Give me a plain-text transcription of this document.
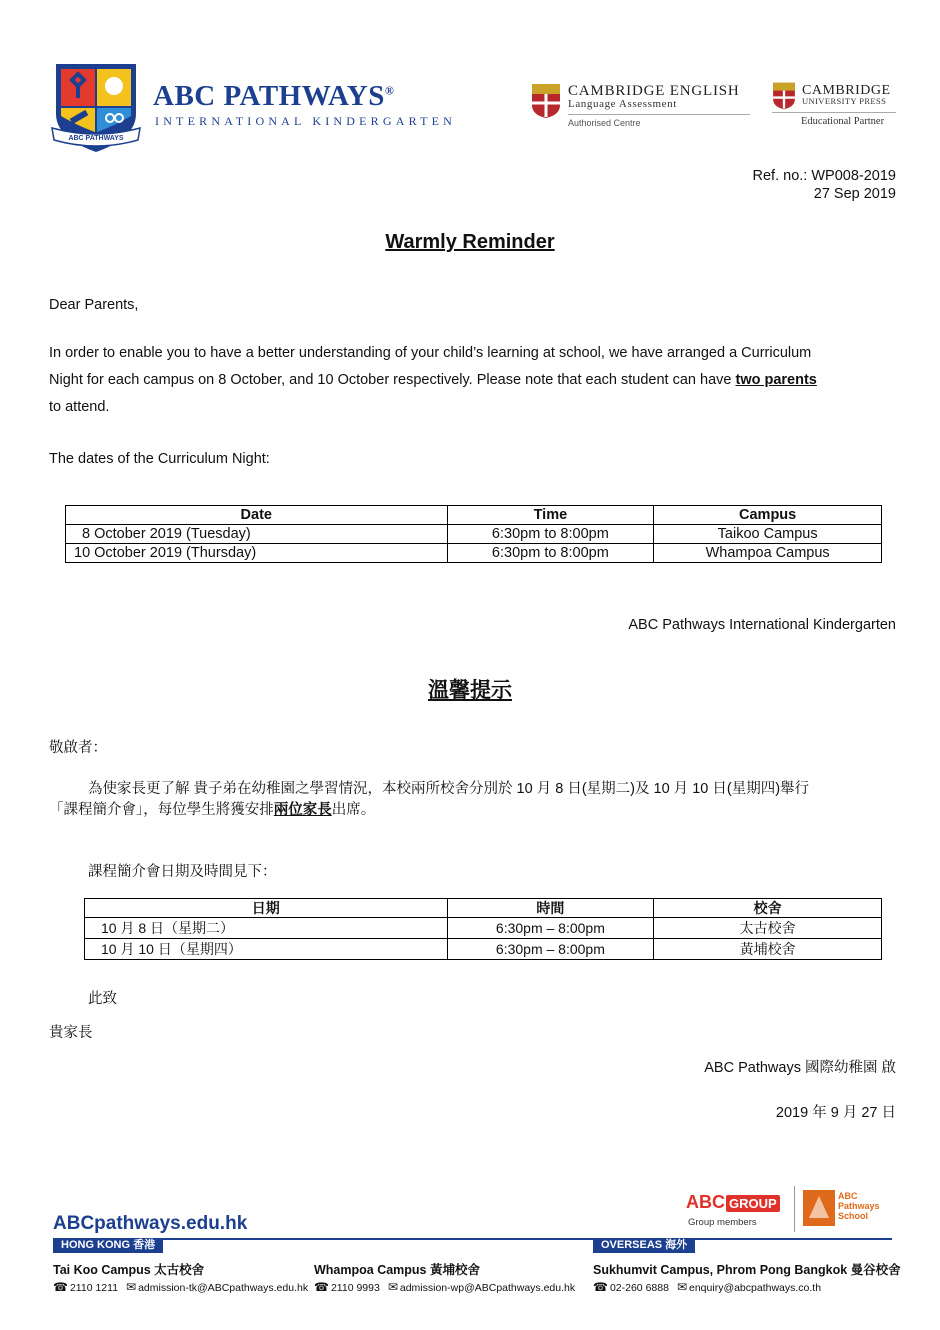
ABC PATHWAYS
ABC PATHWAYS®
INTERNATIONAL KINDERGARTEN
CAMBRIDGE ENGLISH
Language Assessment
Authorised Centre
CAMBRIDGE
UNIVERSITY PRESS
Educational Partner
Ref. no.: WP008-2019
27 Sep 2019
Warmly Reminder
Dear Parents,
In order to enable you to have a better understanding of your child’s learning at school, we have arranged a Curriculum
Night for each campus on 8 October, and 10 October respectively. Please note that each student can have two parents
to attend.
The dates of the Curriculum Night:
Date	Time	Campus
8 October 2019 (Tuesday)	6:30pm to 8:00pm	Taikoo Campus
10 October 2019 (Thursday)	6:30pm to 8:00pm	Whampoa Campus
ABC Pathways International Kindergarten
溫馨提示
敬啟者：
為使家長更了解 貴子弟在幼稚園之學習情況，本校兩所校舍分別於 10 月 8 日(星期二)及 10 月 10 日(星期四)舉行
「課程簡介會」，每位學生將獲安排兩位家長出席。
課程簡介會日期及時間見下：
日期	時間	校舍
10 月 8 日（星期二）	6:30pm – 8:00pm	太古校舍
10 月 10 日（星期四）	6:30pm – 8:00pm	黃埔校舍
此致
貴家長
ABC Pathways 國際幼稚園 啟
2019 年 9 月 27 日
ABC GROUP
Group members
ABC
Pathways
School
ABCpathways.edu.hk
HONG KONG 香港	OVERSEAS 海外
Tai Koo Campus 太古校舍
☎ 2110 1211 ✉ admission-tk@ABCpathways.edu.hk
Whampoa Campus 黃埔校舍
☎ 2110 9993 ✉ admission-wp@ABCpathways.edu.hk
Sukhumvit Campus, Phrom Pong Bangkok 曼谷校舍
☎ 02-260 6888 ✉ enquiry@abcpathways.co.th
